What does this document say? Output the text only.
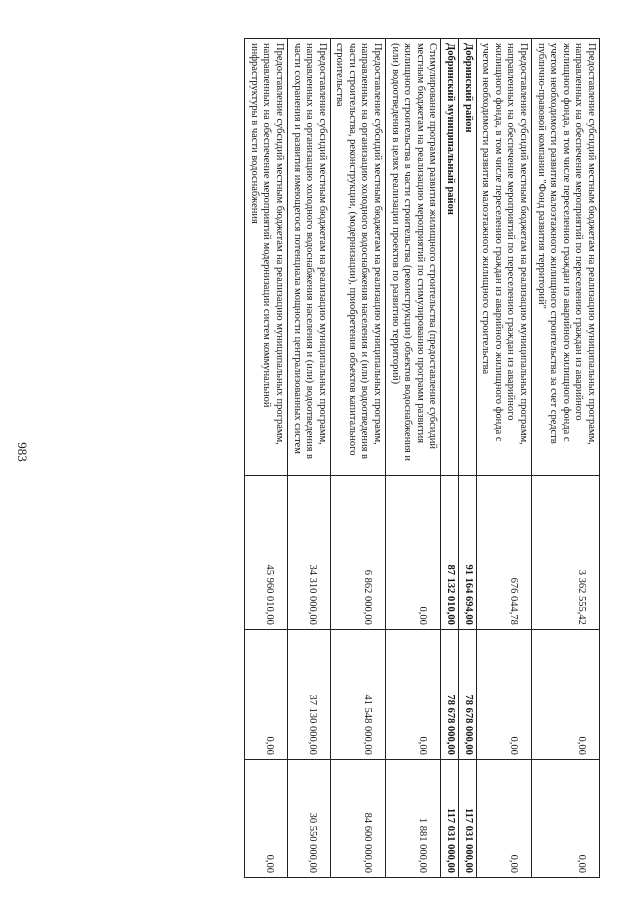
983
Предоставление субсидий местным бюджетам на реализацию муниципальных программ, направленных на обеспечение мероприятий по переселению граждан из аварийного жилищного фонда, в том числе переселению граждан из аварийного жилищного фонда с учетом необходимости развития малоэтажного жилищного строительства за счет средств публично-правовой компании "Фонд развития территорий"	3 362 555,42	0,00	0,00
Предоставление субсидий местным бюджетам на реализацию муниципальных программ, направленных на обеспечение мероприятий по переселению граждан из аварийного жилищного фонда, в том числе переселению граждан из аварийного жилищного фонда с учетом необходимости развития малоэтажного жилищного строительства	676 044,78	0,00	0,00
Добринский район	91 164 694,00	78 678 000,00	117 031 000,00
Добринский муниципальный район	87 132 010,00	78 678 000,00	117 031 000,00
Стимулирование программ развития жилищного строительства (предоставление субсидий местным бюджетам на реализацию мероприятий по стимулированию программ развития жилищного строительства в части строительства (реконструкции) объектов водоснабжения и (или) водоотведения в целях реализации проектов по развитию территорий)	0,00	0,00	1 881 000,00
Предоставление субсидий местным бюджетам на реализацию муниципальных программ, направленных на организацию холодного водоснабжения населения и (или) водоотведения в части строительства, реконструкции, (модернизации), приобретения объектов капитального строительства	6 862 000,00	41 548 000,00	84 600 000,00
Предоставление субсидий местным бюджетам на реализацию муниципальных программ, направленных на организацию холодного водоснабжения населения и (или) водоотведения в части сохранения и развития имеющегося потенциала мощности централизованных систем	34 310 000,00	37 130 000,00	30 550 000,00
Предоставление субсидий местным бюджетам на реализацию муниципальных программ, направленных на обеспечение мероприятий модернизации систем коммунальной инфраструктуры в части водоснабжения	45 960 010,00	0,00	0,00
